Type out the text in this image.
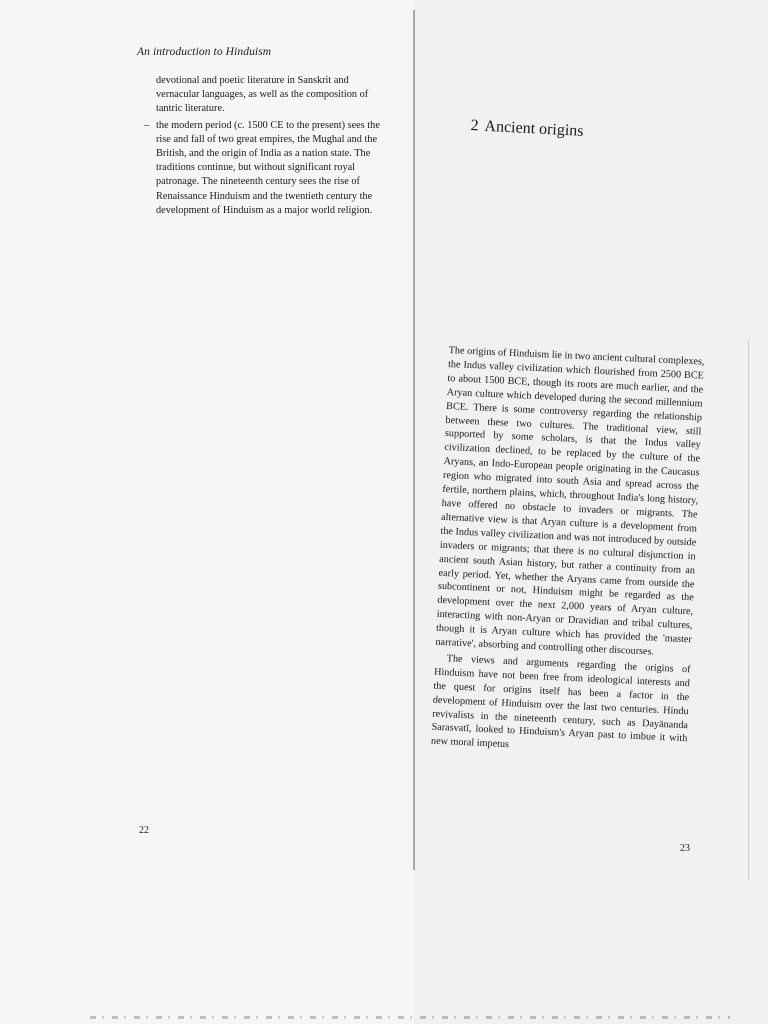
An introduction to Hinduism

devotional and poetic literature in Sanskrit and vernacular languages, as well as the composition of tantric literature.

– the modern period (c. 1500 CE to the present) sees the rise and fall of two great empires, the Mughal and the British, and the origin of India as a nation state. The traditions continue, but without significant royal patronage. The nineteenth century sees the rise of Renaissance Hinduism and the twentieth century the development of Hinduism as a major world religion.

22
2 Ancient origins

The origins of Hinduism lie in two ancient cultural complexes, the Indus valley civilization which flourished from 2500 BCE to about 1500 BCE, though its roots are much earlier, and the Aryan culture which developed during the second millennium BCE. There is some controversy regarding the relationship between these two cultures. The traditional view, still supported by some scholars, is that the Indus valley civilization declined, to be replaced by the culture of the Aryans, an Indo-European people originating in the Caucasus region who migrated into south Asia and spread across the fertile, northern plains, which, throughout India's long history, have offered no obstacle to invaders or migrants. The alternative view is that Aryan culture is a development from the Indus valley civilization and was not introduced by outside invaders or migrants; that there is no cultural disjunction in ancient south Asian history, but rather a continuity from an early period. Yet, whether the Aryans came from outside the subcontinent or not, Hinduism might be regarded as the development over the next 2,000 years of Aryan culture, interacting with non-Aryan or Dravidian and tribal cultures, though it is Aryan culture which has provided the 'master narrative', absorbing and controlling other discourses.

The views and arguments regarding the origins of Hinduism have not been free from ideological interests and the quest for origins itself has been a factor in the development of Hinduism over the last two centuries. Hindu revivalists in the nineteenth century, such as Dayānanda Sarasvatī, looked to Hinduism's Aryan past to imbue it with new moral impetus

23
